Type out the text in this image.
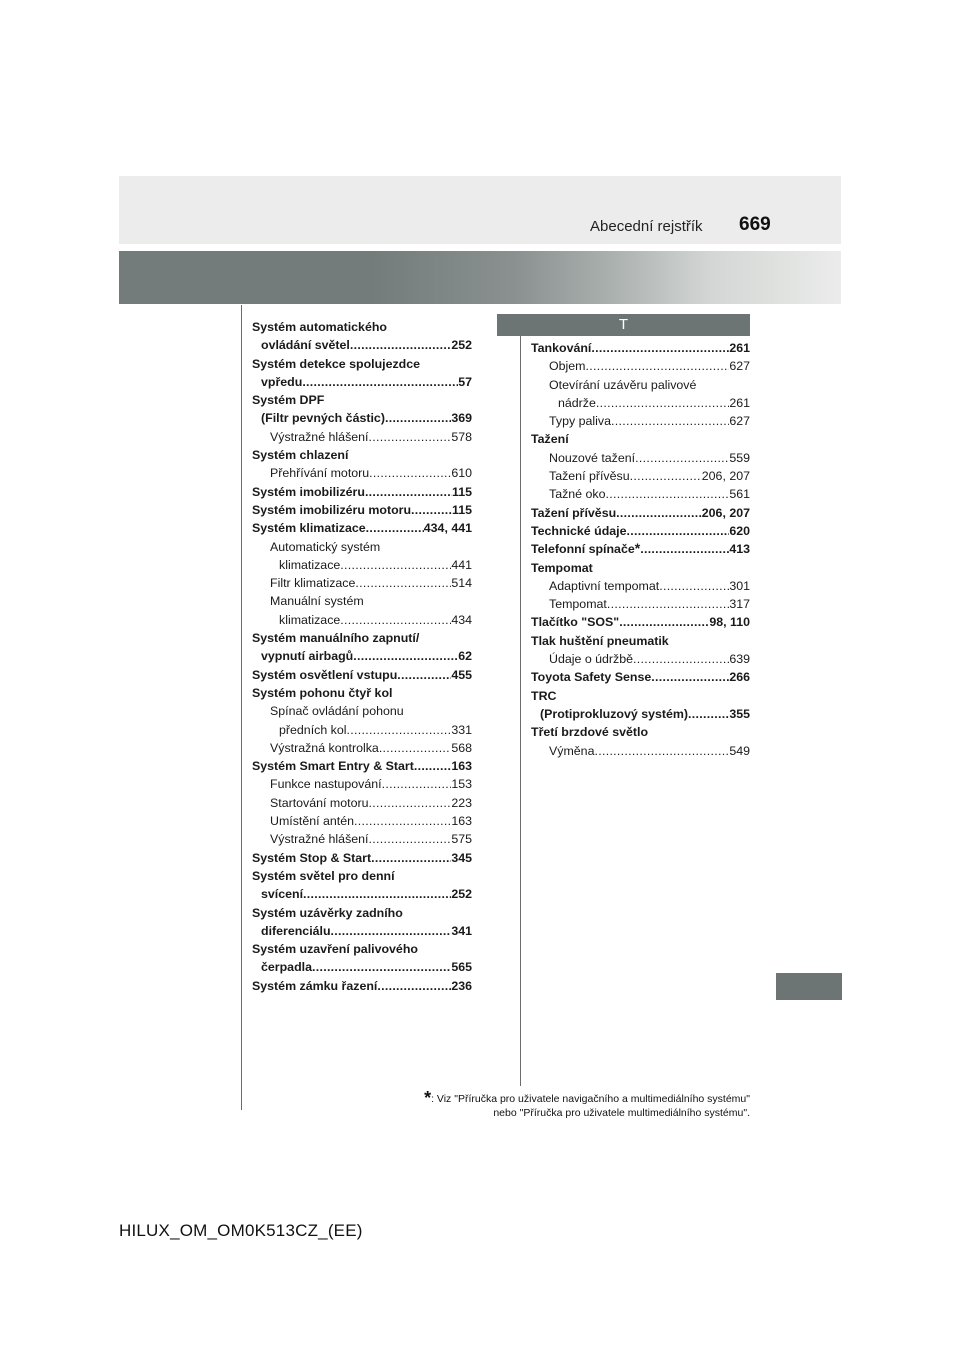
Abecední rejstřík 669
Systém automatického
ovládání světel .....	252
Systém detekce spolujezdce
vpředu .....	57
Systém DPF
(Filtr pevných částic) .....	369
Výstražné hlášení .....	578
Systém chlazení
Přehřívání motoru .....	610
Systém imobilizéru .....	115
Systém imobilizéru motoru .....	115
Systém klimatizace .....	434, 441
Automatický systém
klimatizace .....	441
Filtr klimatizace .....	514
Manuální systém
klimatizace .....	434
Systém manuálního zapnutí/
vypnutí airbagů .....	62
Systém osvětlení vstupu .....	455
Systém pohonu čtyř kol
Spínač ovládání pohonu
předních kol .....	331
Výstražná kontrolka .....	568
Systém Smart Entry & Start .....	163
Funkce nastupování .....	153
Startování motoru .....	223
Umístění antén .....	163
Výstražné hlášení .....	575
Systém Stop & Start .....	345
Systém světel pro denní
svícení .....	252
Systém uzávěrky zadního
diferenciálu .....	341
Systém uzavření palivového
čerpadla .....	565
Systém zámku řazení .....	236
T
Tankování .....	261
Objem .....	627
Otevírání uzávěru palivové
nádrže .....	261
Typy paliva .....	627
Tažení
Nouzové tažení .....	559
Tažení přívěsu .....	206, 207
Tažné oko .....	561
Tažení přívěsu .....	206, 207
Technické údaje .....	620
Telefonní spínače * .....	413
Tempomat
Adaptivní tempomat .....	301
Tempomat .....	317
Tlačítko "SOS" .....	98, 110
Tlak huštění pneumatik
Údaje o údržbě .....	639
Toyota Safety Sense .....	266
TRC
(Protiprokluzový systém) .....	355
Třetí brzdové světlo
Výměna .....	549
*: Viz "Příručka pro uživatele navigačního a multimediálního systému"
nebo "Příručka pro uživatele multimediálního systému".
HILUX_OM_OM0K513CZ_(EE)
